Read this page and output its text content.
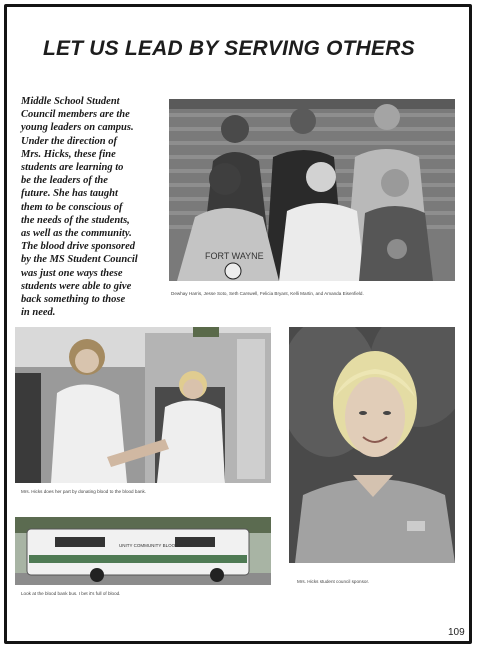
LET US LEAD BY SERVING OTHERS
Middle School Student
Council members are the
young leaders on campus.
Under the direction of
Mrs. Hicks, these fine
students are learning to
be the leaders of the
future. She has taught
them to be conscious of
the needs of the students,
as well as the community.
The blood drive sponsored
by the MS Student Council
was just one ways these
students were able to give
back something to those
in need.
FORT WAYNE
Dewhay Harris, Jesse Soto, Seth Carswell, Felicia Bryant, Kelli Martin, and Amanda Eisenfield.
Mrs. Hicks does her part by donating blood to the blood bank.
UNITY COMMUNITY BLOOD BANK
Look at the blood bank bus. I bet it's full of blood.
Mrs. Hicks student council sponsor.
109
